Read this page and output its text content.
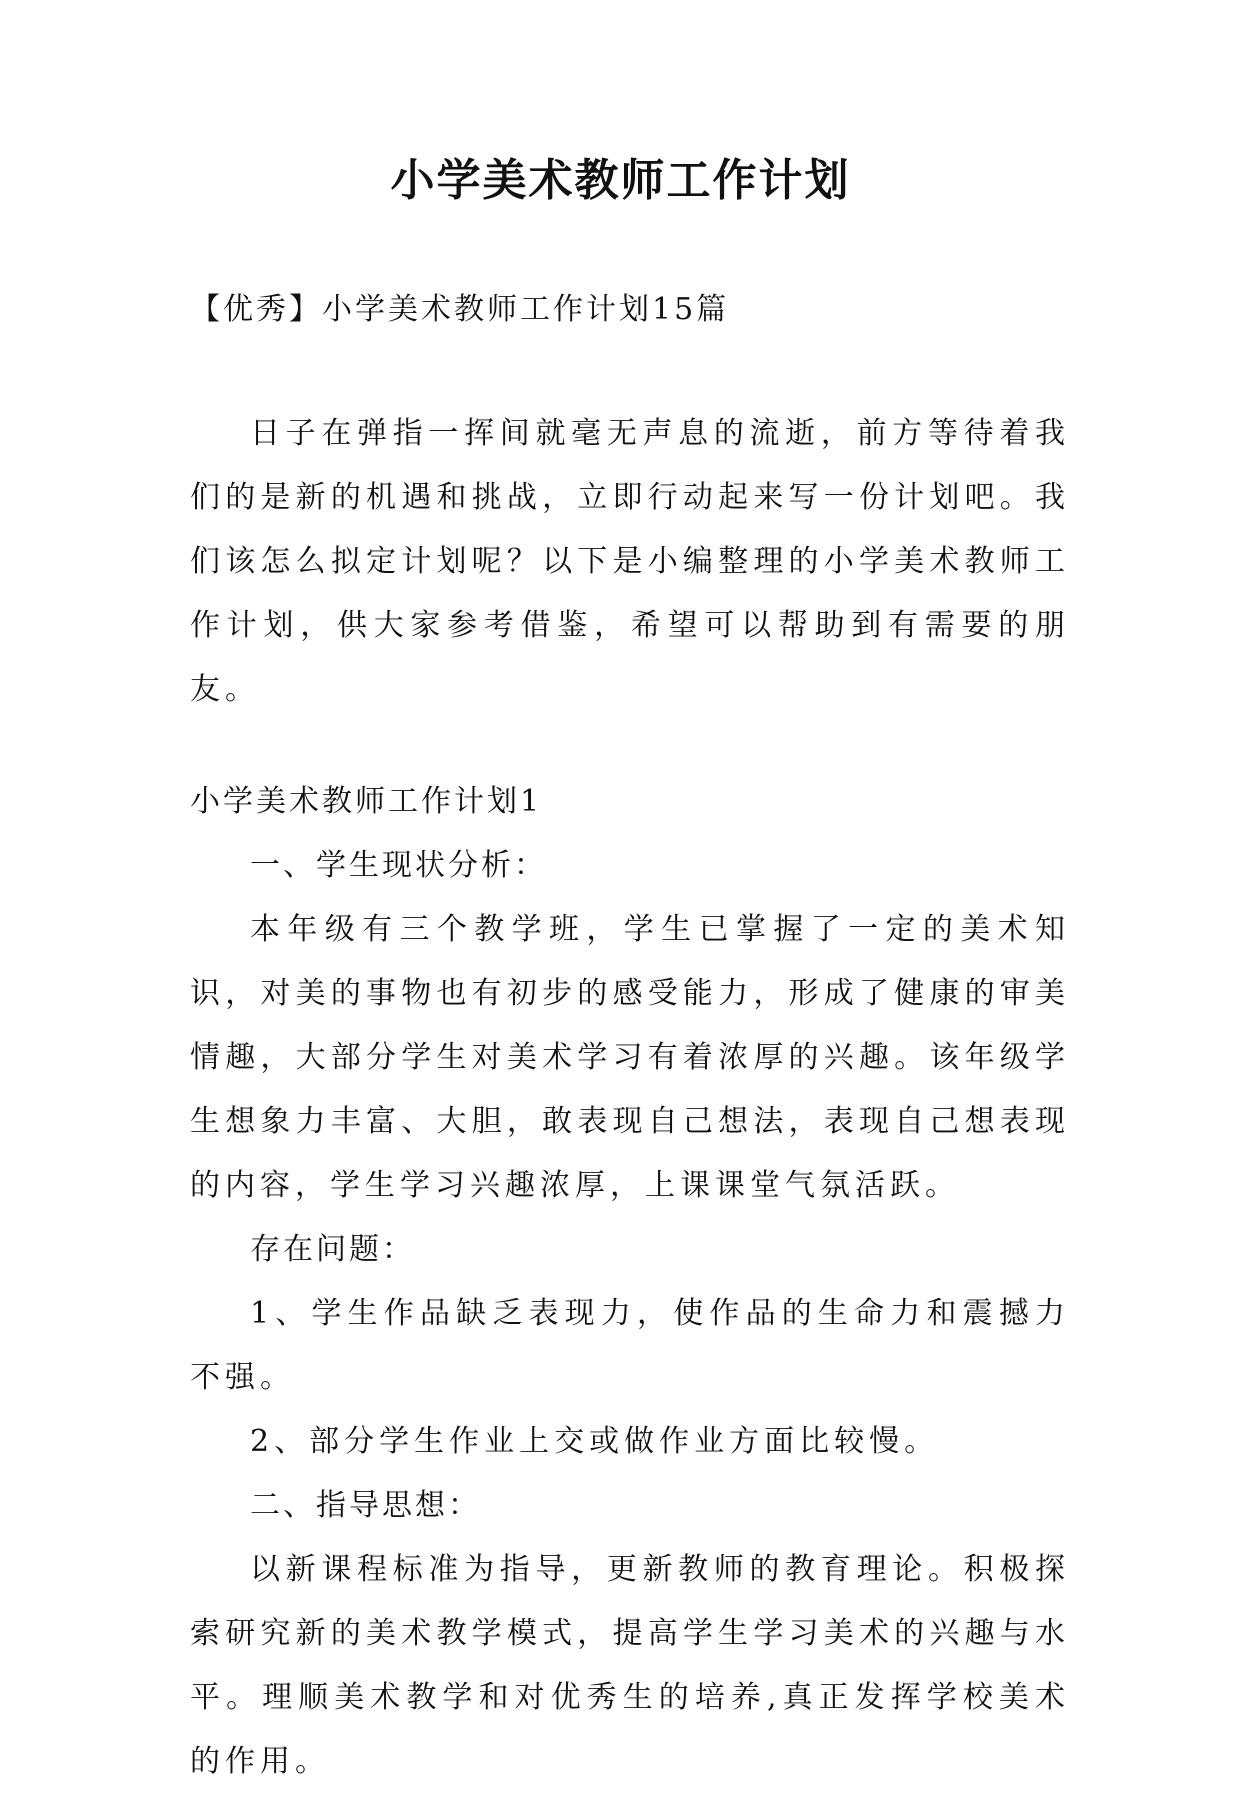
小学美术教师工作计划
【优秀】小学美术教师工作计划15篇

日子在弹指一挥间就毫无声息的流逝，前方等待着我们的是新的机遇和挑战，立即行动起来写一份计划吧。我们该怎么拟定计划呢？以下是小编整理的小学美术教师工作计划，供大家参考借鉴，希望可以帮助到有需要的朋友。

小学美术教师工作计划1

一、学生现状分析：

本年级有三个教学班，学生已掌握了一定的美术知识，对美的事物也有初步的感受能力，形成了健康的审美情趣，大部分学生对美术学习有着浓厚的兴趣。该年级学生想象力丰富、大胆，敢表现自己想法，表现自己想表现的内容，学生学习兴趣浓厚，上课课堂气氛活跃。

存在问题：

1、学生作品缺乏表现力，使作品的生命力和震撼力不强。

2、部分学生作业上交或做作业方面比较慢。

二、指导思想：

以新课程标准为指导，更新教师的教育理论。积极探索研究新的美术教学模式，提高学生学习美术的兴趣与水平。理顺美术教学和对优秀生的培养,真正发挥学校美术的作用。
